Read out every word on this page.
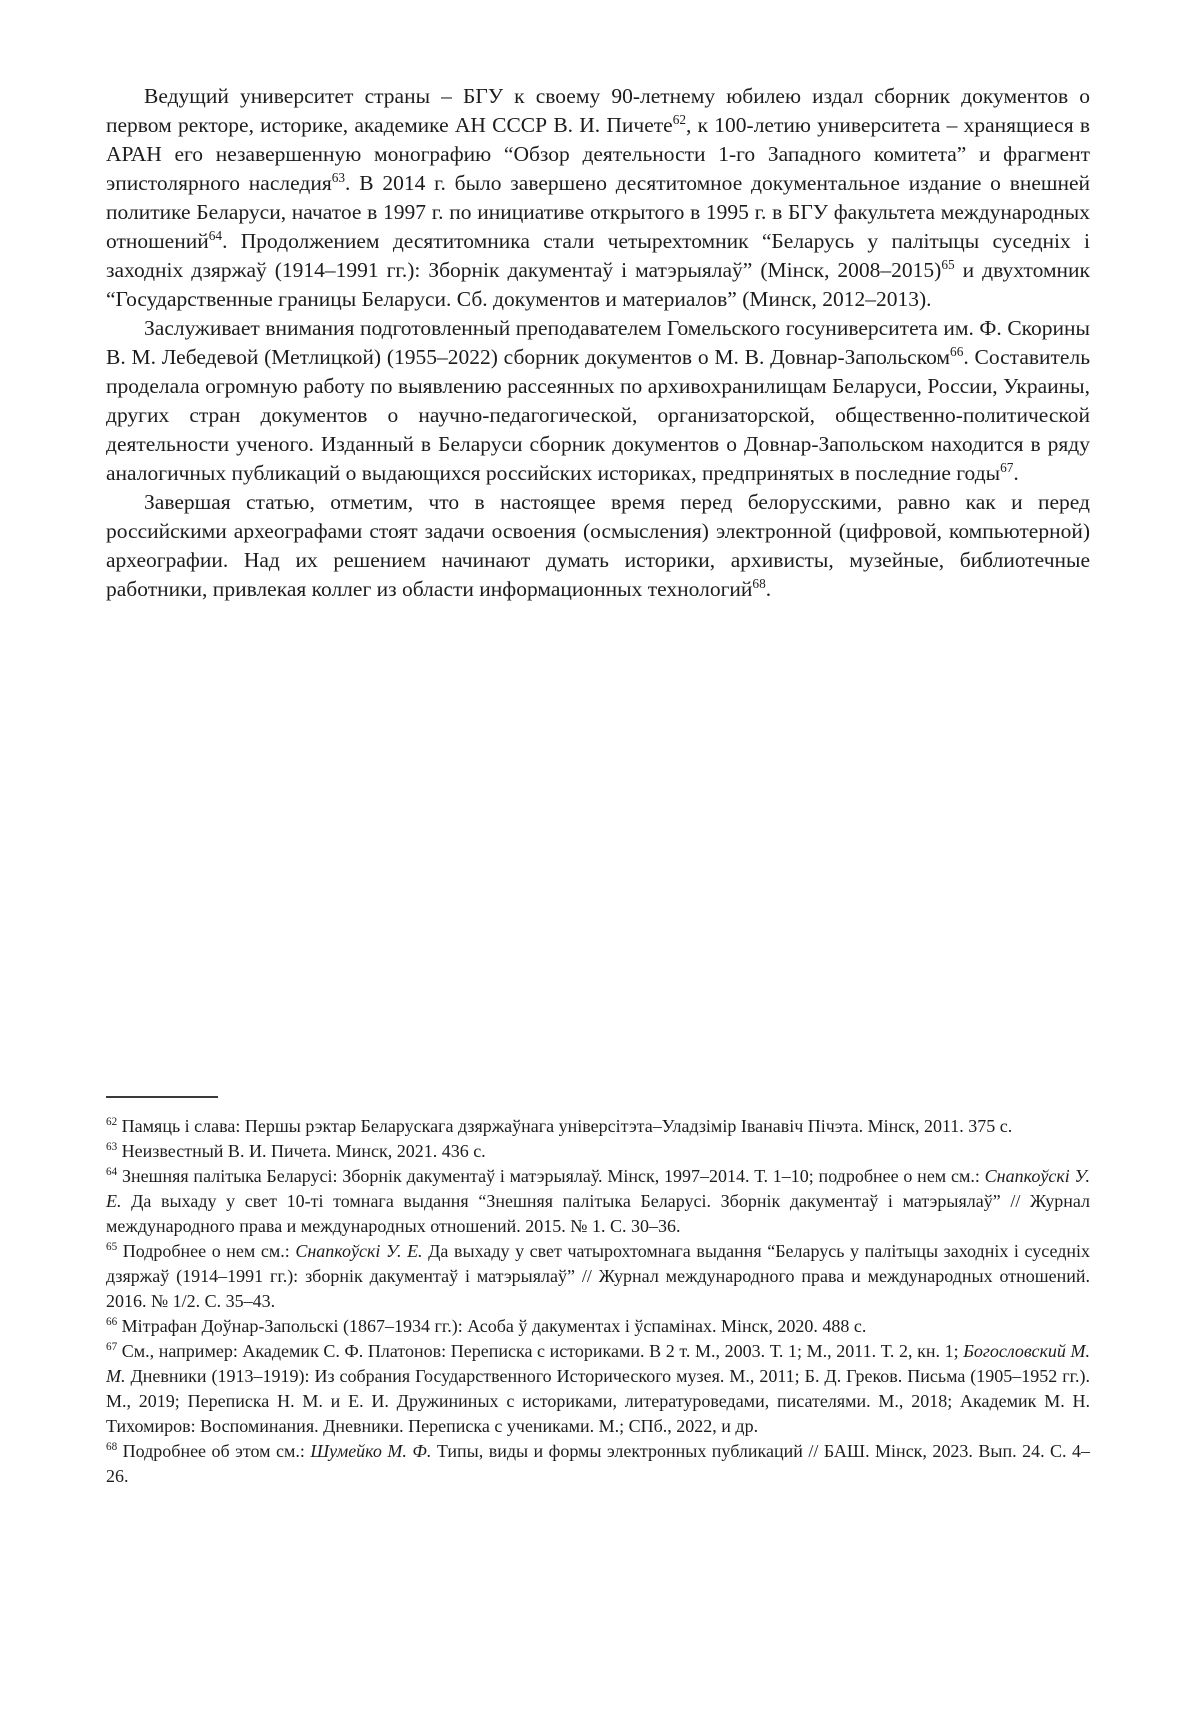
Ведущий университет страны – БГУ к своему 90-летнему юбилею издал сборник документов о первом ректоре, историке, академике АН СССР В. И. Пичете$^{62}$, к 100-летию университета – хранящиеся в АРАН его незавершенную монографию “Обзор деятельности 1-го Западного комитета” и фрагмент эпистолярного наследия$^{63}$. В 2014 г. было завершено десятитомное документальное издание о внешней политике Беларуси, начатое в 1997 г. по инициативе открытого в 1995 г. в БГУ факультета международных отношений$^{64}$. Продолжением десятитомника стали четырехтомник “Беларусь у палітыцы суседніх і заходніх дзяржаў (1914–1991 гг.): Зборнік дакументаў і матэрыялаў” (Мінск, 2008–2015)$^{65}$ и двухтомник “Государственные границы Беларуси. Сб. документов и материалов” (Минск, 2012–2013).

Заслуживает внимания подготовленный преподавателем Гомельского госуниверситета им. Ф. Скорины В. М. Лебедевой (Метлицкой) (1955–2022) сборник документов о М. В. Довнар-Запольском$^{66}$. Составитель проделала огромную работу по выявлению рассеянных по архивохранилищам Беларуси, России, Украины, других стран документов о научно-педагогической, организаторской, общественно-политической деятельности ученого. Изданный в Беларуси сборник документов о Довнар-Запольском находится в ряду аналогичных публикаций о выдающихся российских историках, предпринятых в последние годы$^{67}$.

Завершая статью, отметим, что в настоящее время перед белорусскими, равно как и перед российскими археографами стоят задачи освоения (осмысления) электронной (цифровой, компьютерной) археографии. Над их решением начинают думать историки, архивисты, музейные, библиотечные работники, привлекая коллег из области информационных технологий$^{68}$.

$^{62}$ Памяць і слава: Першы рэктар Беларускага дзяржаўнага універсітэта–Уладзімір Іванавіч Пічэта. Мінск, 2011. 375 с.
$^{63}$ Неизвестный В. И. Пичета. Минск, 2021. 436 с.
$^{64}$ Знешняя палітыка Беларусі: Зборнік дакументаў і матэрыялаў. Мінск, 1997–2014. Т. 1–10; подробнее о нем см.: Снапкоўскі У. Е. Да выхаду у свет 10-ті томнага выдання “Знешняя палітыка Беларусі. Зборнік дакументаў і матэрыялаў” // Журнал международного права и международных отношений. 2015. № 1. С. 30–36.
$^{65}$ Подробнее о нем см.: Снапкоўскі У. Е. Да выхаду у свет чатырохтомнага выдання “Беларусь у палітыцы заходніх і суседніх дзяржаў (1914–1991 гг.): зборнік дакументаў і матэрыялаў” // Журнал международного права и международных отношений. 2016. № 1/2. С. 35–43.
$^{66}$ Мітрафан Доўнар-Запольскі (1867–1934 гг.): Асоба ў дакументах і ўспамінах. Мінск, 2020. 488 с.
$^{67}$ См., например: Академик С. Ф. Платонов: Переписка с историками. В 2 т. М., 2003. Т. 1; М., 2011. Т. 2, кн. 1; Богословский М. М. Дневники (1913–1919): Из собрания Государственного Исторического музея. М., 2011; Б. Д. Греков. Письма (1905–1952 гг.). М., 2019; Переписка Н. М. и Е. И. Дружининых с историками, литературоведами, писателями. М., 2018; Академик М. Н. Тихомиров: Воспоминания. Дневники. Переписка с учениками. М.; СПб., 2022, и др.
$^{68}$ Подробнее об этом см.: Шумейко М. Ф. Типы, виды и формы электронных публикаций // БАШ. Мінск, 2023. Вып. 24. С. 4–26.
